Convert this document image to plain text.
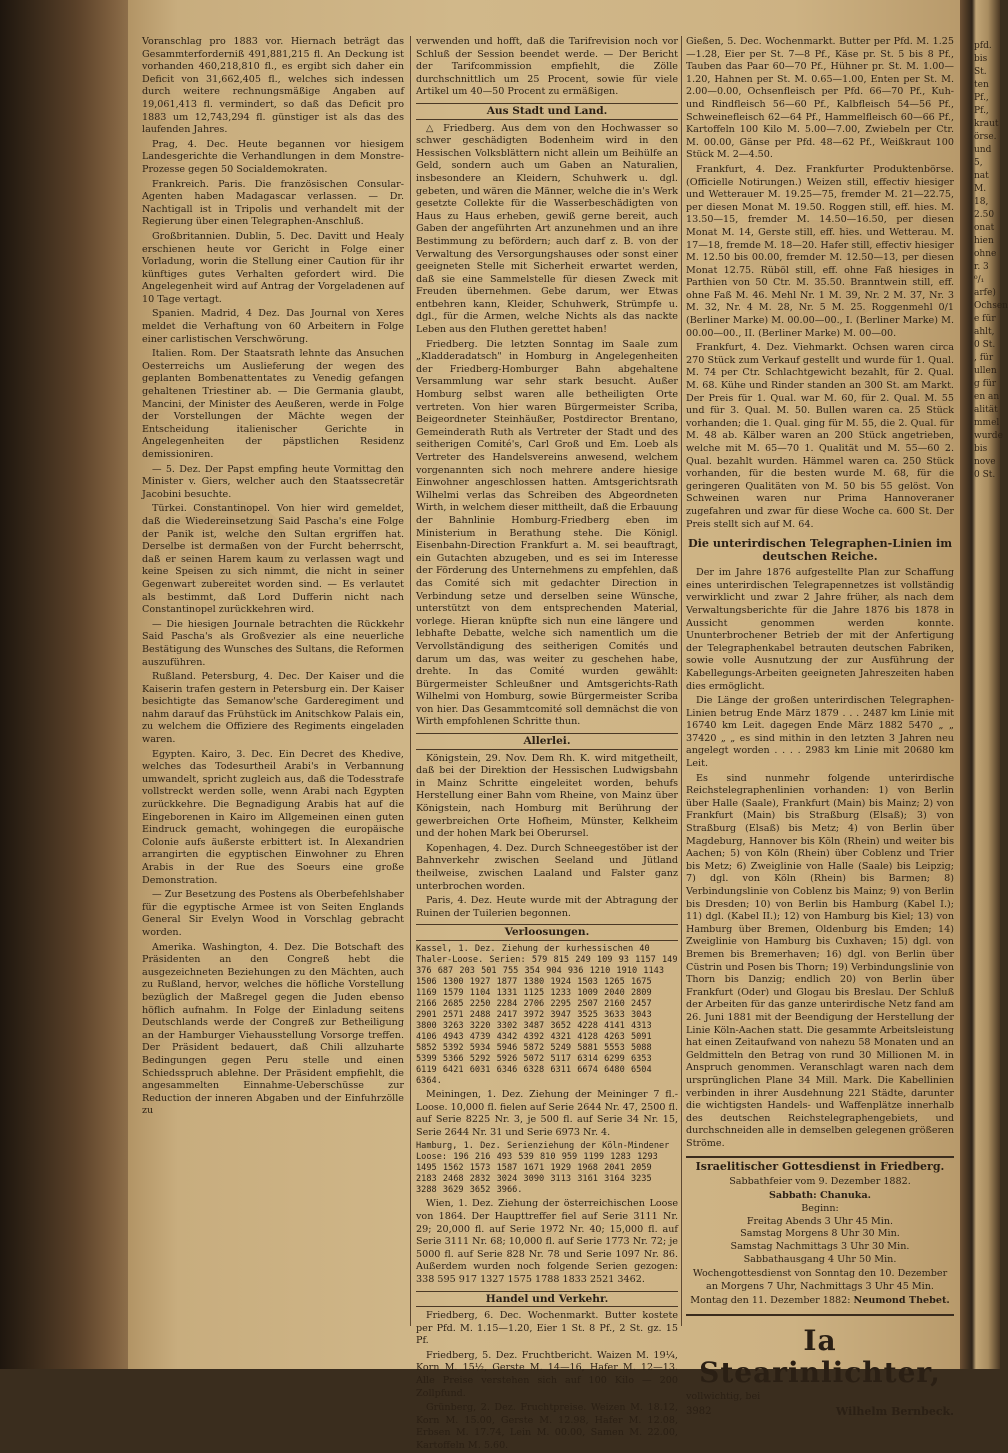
Voranschlag pro 1883 vor. Hiernach beträgt das Gesammterforderniß 491,881,215 fl. An Deckung ist vorhanden 460,218,810 fl., es ergibt sich daher ein Deficit von 31,662,405 fl., welches sich indessen durch weitere rechnungsmäßige Angaben auf 19,061,413 fl. vermindert, so daß das Deficit pro 1883 um 12,743,294 fl. günstiger ist als das des laufenden Jahres.

Prag, 4. Dec. Heute begannen vor hiesigem Landesgerichte die Verhandlungen in dem Monstre-Prozesse gegen 50 Socialdemokraten.

Frankreich. Paris. Die französischen Consular-Agenten haben Madagascar verlassen. — Dr. Nachtigall ist in Tripolis und verhandelt mit der Regierung über einen Telegraphen-Anschluß.

Großbritannien. Dublin, 5. Dec. Davitt und Healy erschienen heute vor Gericht in Folge einer Vorladung, worin die Stellung einer Caution für ihr künftiges gutes Verhalten gefordert wird. Die Angelegenheit wird auf Antrag der Vorgeladenen auf 10 Tage vertagt.

Spanien. Madrid, 4 Dez. Das Journal von Xeres meldet die Verhaftung von 60 Arbeitern in Folge einer carlistischen Verschwörung.

Italien. Rom. Der Staatsrath lehnte das Ansuchen Oesterreichs um Auslieferung der wegen des geplanten Bombenattentates zu Venedig gefangen gehaltenen Triestiner ab. — Die Germania glaubt, Mancini, der Minister des Aeußeren, werde in Folge der Vorstellungen der Mächte wegen der Entscheidung italienischer Gerichte in Angelegenheiten der päpstlichen Residenz demissioniren.

— 5. Dez. Der Papst empfing heute Vormittag den Minister v. Giers, welcher auch den Staatssecretär Jacobini besuchte.

Türkei. Constantinopel. Von hier wird gemeldet, daß die Wiedereinsetzung Said Pascha's eine Folge der Panik ist, welche den Sultan ergriffen hat. Derselbe ist dermaßen von der Furcht beherrscht, daß er seinen Harem kaum zu verlassen wagt und keine Speisen zu sich nimmt, die nicht in seiner Gegenwart zubereitet worden sind. — Es verlautet als bestimmt, daß Lord Dufferin nicht nach Constantinopel zurückkehren wird.

— Die hiesigen Journale betrachten die Rückkehr Said Pascha's als Großvezier als eine neuerliche Bestätigung des Wunsches des Sultans, die Reformen auszuführen.

Rußland. Petersburg, 4. Dec. Der Kaiser und die Kaiserin trafen gestern in Petersburg ein. Der Kaiser besichtigte das Semanow'sche Garderegiment und nahm darauf das Frühstück im Anitschkow Palais ein, zu welchem die Offiziere des Regiments eingeladen waren.

Egypten. Kairo, 3. Dec. Ein Decret des Khedive, welches das Todesurtheil Arabi's in Verbannung umwandelt, spricht zugleich aus, daß die Todesstrafe vollstreckt werden solle, wenn Arabi nach Egypten zurückkehre. Die Begnadigung Arabis hat auf die Eingeborenen in Kairo im Allgemeinen einen guten Eindruck gemacht, wohingegen die europäische Colonie aufs äußerste erbittert ist. In Alexandrien arrangirten die egyptischen Einwohner zu Ehren Arabis in der Rue des Soeurs eine große Demonstration.

— Zur Besetzung des Postens als Oberbefehlshaber für die egyptische Armee ist von Seiten Englands General Sir Evelyn Wood in Vorschlag gebracht worden.

Amerika. Washington, 4. Dez. Die Botschaft des Präsidenten an den Congreß hebt die ausgezeichneten Beziehungen zu den Mächten, auch zu Rußland, hervor, welches die höfliche Vorstellung bezüglich der Maßregel gegen die Juden ebenso höflich aufnahm. In Folge der Einladung seitens Deutschlands werde der Congreß zur Betheiligung an der Hamburger Viehausstellung Vorsorge treffen. Der Präsident bedauert, daß Chili allzuharte Bedingungen gegen Peru stelle und einen Schiedsspruch ablehne. Der Präsident empfiehlt, die angesammelten Einnahme-Ueberschüsse zur Reduction der inneren Abgaben und der Einfuhrzölle zu

verwenden und hofft, daß die Tarifrevision noch vor Schluß der Session beendet werde. — Der Bericht der Tarifcommission empfiehlt, die Zölle durchschnittlich um 25 Procent, sowie für viele Artikel um 40—50 Procent zu ermäßigen.

Aus Stadt und Land.

△ Friedberg. Aus dem von den Hochwasser so schwer geschädigten Bodenheim wird in den Hessischen Volksblättern nicht allein um Beihülfe an Geld, sondern auch um Gaben an Naturalien, insbesondere an Kleidern, Schuhwerk u. dgl. gebeten, und wären die Männer, welche die in's Werk gesetzte Collekte für die Wasserbeschädigten von Haus zu Haus erheben, gewiß gerne bereit, auch Gaben der angeführten Art anzunehmen und an ihre Bestimmung zu befördern; auch darf z. B. von der Verwaltung des Versorgungshauses oder sonst einer geeigneten Stelle mit Sicherheit erwartet werden, daß sie eine Sammelstelle für diesen Zweck mit Freuden übernehmen. Gebe darum, wer Etwas entbehren kann, Kleider, Schuhwerk, Strümpfe u. dgl., für die Armen, welche Nichts als das nackte Leben aus den Fluthen gerettet haben!

Friedberg. Die letzten Sonntag im Saale zum „Kladderadatsch" in Homburg in Angelegenheiten der Friedberg-Homburger Bahn abgehaltene Versammlung war sehr stark besucht. Außer Homburg selbst waren alle betheiligten Orte vertreten. Von hier waren Bürgermeister Scriba, Beigeordneter Steinhäußer, Postdirector Brentano, Gemeinderath Ruth als Vertreter der Stadt und des seitherigen Comité's, Carl Groß und Em. Loeb als Vertreter des Handelsvereins anwesend, welchem vorgenannten sich noch mehrere andere hiesige Einwohner angeschlossen hatten. Amtsgerichtsrath Wilhelmi verlas das Schreiben des Abgeordneten Wirth, in welchem dieser mittheilt, daß die Erbauung der Bahnlinie Homburg-Friedberg eben im Ministerium in Berathung stehe. Die Königl. Eisenbahn-Direction Frankfurt a. M. sei beauftragt, ein Gutachten abzugeben, und es sei im Interesse der Förderung des Unternehmens zu empfehlen, daß das Comité sich mit gedachter Direction in Verbindung setze und derselben seine Wünsche, unterstützt von dem entsprechenden Material, vorlege. Hieran knüpfte sich nun eine längere und lebhafte Debatte, welche sich namentlich um die Vervollständigung des seitherigen Comités und darum um das, was weiter zu geschehen habe, drehte. In das Comité wurden gewählt: Bürgermeister Schleußner und Amtsgerichts-Rath Wilhelmi von Homburg, sowie Bürgermeister Scriba von hier. Das Gesammtcomité soll demnächst die von Wirth empfohlenen Schritte thun.

Allerlei.

Königstein, 29. Nov. Dem Rh. K. wird mitgetheilt, daß bei der Direktion der Hessischen Ludwigsbahn in Mainz Schritte eingeleitet worden, behufs Herstellung einer Bahn vom Rheine, von Mainz über Königstein, nach Homburg mit Berührung der gewerbreichen Orte Hofheim, Münster, Kelkheim und der hohen Mark bei Oberursel.

Kopenhagen, 4. Dez. Durch Schneegestöber ist der Bahnverkehr zwischen Seeland und Jütland theilweise, zwischen Laaland und Falster ganz unterbrochen worden.

Paris, 4. Dez. Heute wurde mit der Abtragung der Ruinen der Tuilerien begonnen.

Verloosungen.

Kassel, 1. Dez. Ziehung der kurhessischen 40 Thaler-Loose. Serien: 579 815 249 109 93 1157 149 376 687 203 501 755 354 904 936 1210 1910 1143 1506 1300 1927 1877 1380 1924 1503 1265 1675 1169 1579 1104 1331 1125 1233 1009 2040 2809 2166 2685 2250 2284 2706 2295 2507 2160 2457 2901 2571 2488 2417 3972 3947 3525 3633 3043 3800 3263 3220 3302 3487 3652 4228 4141 4313 4106 4943 4739 4342 4392 4321 4128 4263 5091 5852 5392 5934 5946 5872 5249 5881 5553 5088 5399 5366 5292 5926 5072 5117 6314 6299 6353 6119 6421 6031 6346 6328 6311 6674 6480 6504 6364.

Meiningen, 1. Dez. Ziehung der Meininger 7 fl.-Loose. 10,000 fl. fielen auf Serie 2644 Nr. 47, 2500 fl. auf Serie 8225 Nr. 3, je 500 fl. auf Serie 34 Nr. 15, Serie 2644 Nr. 31 und Serie 6973 Nr. 4.

Hamburg, 1. Dez. Serienziehung der Köln-Mindener Loose: 196 216 493 539 810 959 1199 1283 1293 1495 1562 1573 1587 1671 1929 1968 2041 2059 2183 2468 2832 3024 3090 3113 3161 3164 3235 3288 3629 3652 3966.

Wien, 1. Dez. Ziehung der österreichischen Loose von 1864. Der Haupttreffer fiel auf Serie 3111 Nr. 29; 20,000 fl. auf Serie 1972 Nr. 40; 15,000 fl. auf Serie 3111 Nr. 68; 10,000 fl. auf Serie 1773 Nr. 72; je 5000 fl. auf Serie 828 Nr. 78 und Serie 1097 Nr. 86. Außerdem wurden noch folgende Serien gezogen: 338 595 917 1327 1575 1788 1833 2521 3462.

Handel und Verkehr.

Friedberg, 6. Dec. Wochenmarkt. Butter kostete per Pfd. M. 1.15—1.20, Eier 1 St. 8 Pf., 2 St. gz. 15 Pf.

Friedberg, 5. Dez. Fruchtbericht. Waizen M. 19¼, Korn M. 15½, Gerste M. 14—16, Hafer M. 12—13. Alle Preise verstehen sich auf 100 Kilo — 200 Zollpfund.

Grünberg, 2. Dez. Fruchtpreise. Weizen M. 18.12, Korn M. 15.00, Gerste M. 12.98, Hafer M. 12.08, Erbsen M. 17.74, Lein M. 00.00, Samen M. 22.00, Kartoffeln M. 5.60.

Gießen, 5. Dec. Wochenmarkt. Butter per Pfd. M. 1.25—1.28, Eier per St. 7—8 Pf., Käse pr. St. 5 bis 8 Pf., Tauben das Paar 60—70 Pf., Hühner pr. St. M. 1.00—1.20, Hahnen per St. M. 0.65—1.00, Enten per St. M. 2.00—0.00, Ochsenfleisch per Pfd. 66—70 Pf., Kuh- und Rindfleisch 56—60 Pf., Kalbfleisch 54—56 Pf., Schweinefleisch 62—64 Pf., Hammelfleisch 60—66 Pf., Kartoffeln 100 Kilo M. 5.00—7.00, Zwiebeln per Ctr. M. 00.00, Gänse per Pfd. 48—62 Pf., Weißkraut 100 Stück M. 2—4.50.

Frankfurt, 4. Dez. Frankfurter Produktenbörse. (Officielle Notirungen.) Weizen still, effectiv hiesiger und Wetterauer M. 19.25—75, fremder M. 21—22.75, per diesen Monat M. 19.50. Roggen still, eff. hies. M. 13.50—15, fremder M. 14.50—16.50, per diesen Monat M. 14, Gerste still, eff. hies. und Wetterau. M. 17—18, fremde M. 18—20. Hafer still, effectiv hiesiger M. 12.50 bis 00.00, fremder M. 12.50—13, per diesen Monat 12.75. Rüböl still, eff. ohne Faß hiesiges in Parthien von 50 Ctr. M. 35.50. Branntwein still, eff. ohne Faß M. 46. Mehl Nr. 1 M. 39, Nr. 2 M. 37, Nr. 3 M. 32, Nr. 4 M. 28, Nr. 5 M. 25. Roggenmehl 0/1 (Berliner Marke) M. 00.00—00., I. (Berliner Marke) M. 00.00—00., II. (Berliner Marke) M. 00—00.

Frankfurt, 4. Dez. Viehmarkt. Ochsen waren circa 270 Stück zum Verkauf gestellt und wurde für 1. Qual. M. 74 per Ctr. Schlachtgewicht bezahlt, für 2. Qual. M. 68. Kühe und Rinder standen an 300 St. am Markt. Der Preis für 1. Qual. war M. 60, für 2. Qual. M. 55 und für 3. Qual. M. 50. Bullen waren ca. 25 Stück vorhanden; die 1. Qual. ging für M. 55, die 2. Qual. für M. 48 ab. Kälber waren an 200 Stück angetrieben, welche mit M. 65—70 1. Qualität und M. 55—60 2. Qual. bezahlt wurden. Hämmel waren ca. 250 Stück vorhanden, für die besten wurde M. 68, für die geringeren Qualitäten von M. 50 bis 55 gelöst. Von Schweinen waren nur Prima Hannoveraner zugefahren und zwar für diese Woche ca. 600 St. Der Preis stellt sich auf M. 64.

Die unterirdischen Telegraphen-Linien im deutschen Reiche.

Der im Jahre 1876 aufgestellte Plan zur Schaffung eines unterirdischen Telegrapennetzes ist vollständig verwirklicht und zwar 2 Jahre früher, als nach dem Verwaltungsberichte für die Jahre 1876 bis 1878 in Aussicht genommen werden konnte. Ununterbrochener Betrieb der mit der Anfertigung der Telegraphenkabel betrauten deutschen Fabriken, sowie volle Ausnutzung der zur Ausführung der Kabellegungs-Arbeiten geeigneten Jahreszeiten haben dies ermöglicht.

Die Länge der großen unterirdischen Telegraphen-Linien betrug Ende März 1879 . . . 2487 km Linie mit 16740 km Leit. dagegen Ende März 1882 5470 „ „ 37420 „ „ es sind mithin in den letzten 3 Jahren neu angelegt worden . . . . 2983 km Linie mit 20680 km Leit.

Es sind nunmehr folgende unterirdische Reichstelegraphenlinien vorhanden: 1) von Berlin über Halle (Saale), Frankfurt (Main) bis Mainz; 2) von Frankfurt (Main) bis Straßburg (Elsaß); 3) von Straßburg (Elsaß) bis Metz; 4) von Berlin über Magdeburg, Hannover bis Köln (Rhein) und weiter bis Aachen; 5) von Köln (Rhein) über Coblenz und Trier bis Metz; 6) Zweiglinie von Halle (Saale) bis Leipzig; 7) dgl. von Köln (Rhein) bis Barmen; 8) Verbindungslinie von Coblenz bis Mainz; 9) von Berlin bis Dresden; 10) von Berlin bis Hamburg (Kabel I.); 11) dgl. (Kabel II.); 12) von Hamburg bis Kiel; 13) von Hamburg über Bremen, Oldenburg bis Emden; 14) Zweiglinie von Hamburg bis Cuxhaven; 15) dgl. von Bremen bis Bremerhaven; 16) dgl. von Berlin über Cüstrin und Posen bis Thorn; 19) Verbindungslinie von Thorn bis Danzig; endlich 20) von Berlin über Frankfurt (Oder) und Glogau bis Breslau. Der Schluß der Arbeiten für das ganze unterirdische Netz fand am 26. Juni 1881 mit der Beendigung der Herstellung der Linie Köln-Aachen statt. Die gesammte Arbeitsleistung hat einen Zeitaufwand von nahezu 58 Monaten und an Geldmitteln den Betrag von rund 30 Millionen M. in Anspruch genommen. Veranschlagt waren nach dem ursprünglichen Plane 34 Mill. Mark. Die Kabellinien verbinden in ihrer Ausdehnung 221 Städte, darunter die wichtigsten Handels- und Waffenplätze innerhalb des deutschen Reichstelegraphengebiets, und durchschneiden alle in demselben gelegenen größeren Ströme.

Israelitischer Gottesdienst in Friedberg.

Sabbathfeier vom 9. Dezember 1882.

Sabbath: Chanuka.

Beginn:

Freitag Abends 3 Uhr 45 Min.

Samstag Morgens 8 Uhr 30 Min.

Samstag Nachmittags 3 Uhr 30 Min.

Sabbathausgang 4 Uhr 50 Min.

Wochengottesdienst von Sonntag den 10. Dezember an Morgens 7 Uhr, Nachmittags 3 Uhr 45 Min.

Montag den 11. Dezember 1882: Neumond Thebet.

Ia Stearinlichter,

vollwichtig, bei
3982	Wilhelm Bernbeck.
pfd.
bis
St.
ten
Pf.,
Pf.,
kraut
örse.
und
5,
nat
M.
18,
2.50
onat
hien
ohne
r. 3
⁰/₁
arfe)
Ochsen
e für
ahlt,
0 St.
, für
ullen
g für
en an
alität
mmel
wurde
bis
nove
0 St.
